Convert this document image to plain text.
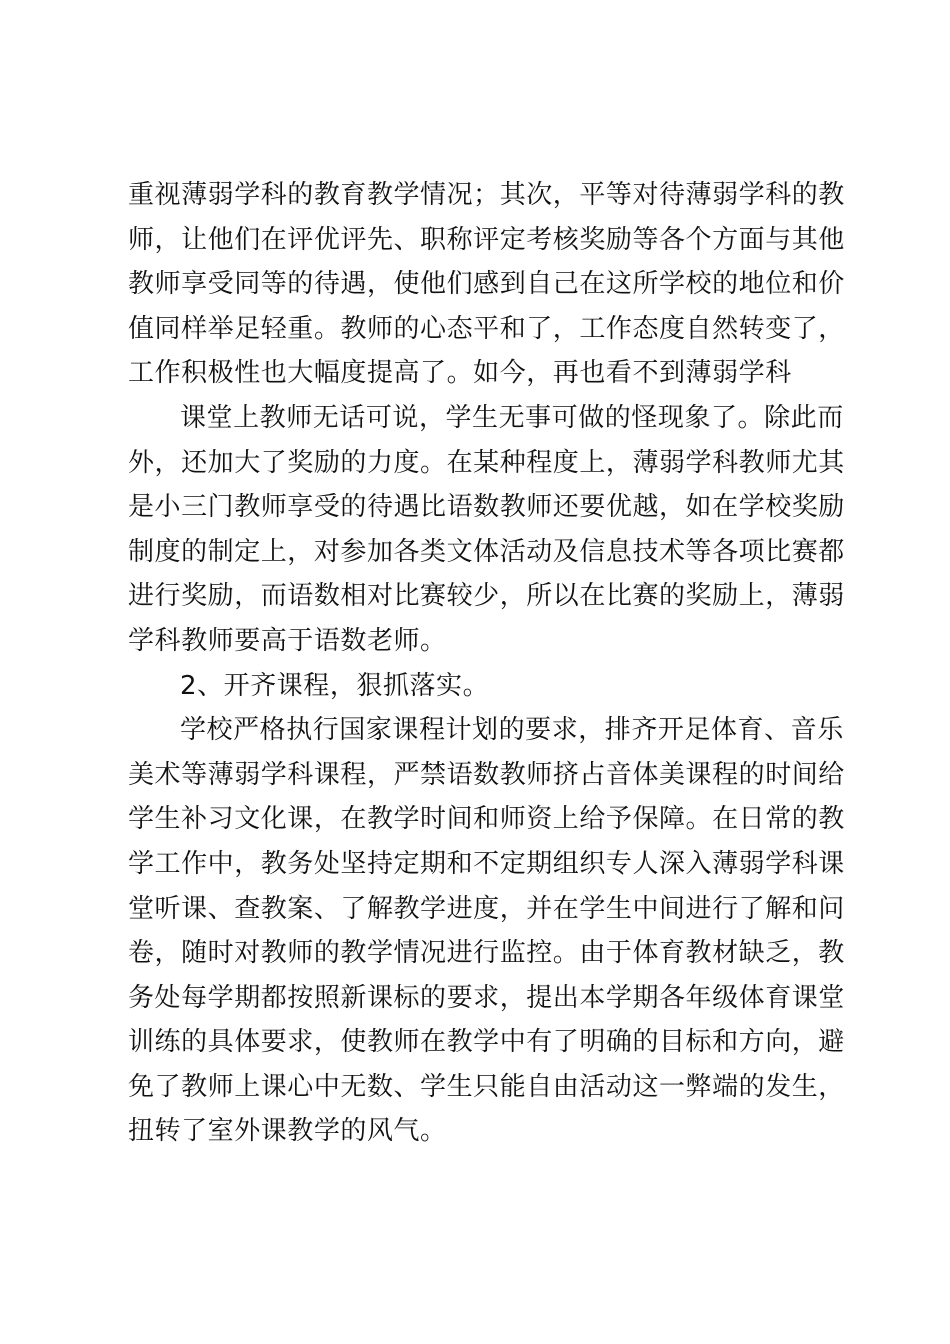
重视薄弱学科的教育教学情况；其次，平等对待薄弱学科的教
师，让他们在评优评先、职称评定考核奖励等各个方面与其他
教师享受同等的待遇，使他们感到自己在这所学校的地位和价
值同样举足轻重。教师的心态平和了，工作态度自然转变了，
工作积极性也大幅度提高了。如今，再也看不到薄弱学科
课堂上教师无话可说，学生无事可做的怪现象了。除此而
外，还加大了奖励的力度。在某种程度上，薄弱学科教师尤其
是小三门教师享受的待遇比语数教师还要优越，如在学校奖励
制度的制定上，对参加各类文体活动及信息技术等各项比赛都
进行奖励，而语数相对比赛较少，所以在比赛的奖励上，薄弱
学科教师要高于语数老师。
2、开齐课程，狠抓落实。
学校严格执行国家课程计划的要求，排齐开足体育、音乐
美术等薄弱学科课程，严禁语数教师挤占音体美课程的时间给
学生补习文化课，在教学时间和师资上给予保障。在日常的教
学工作中，教务处坚持定期和不定期组织专人深入薄弱学科课
堂听课、查教案、了解教学进度，并在学生中间进行了解和问
卷，随时对教师的教学情况进行监控。由于体育教材缺乏，教
务处每学期都按照新课标的要求，提出本学期各年级体育课堂
训练的具体要求，使教师在教学中有了明确的目标和方向，避
免了教师上课心中无数、学生只能自由活动这一弊端的发生，
扭转了室外课教学的风气。
